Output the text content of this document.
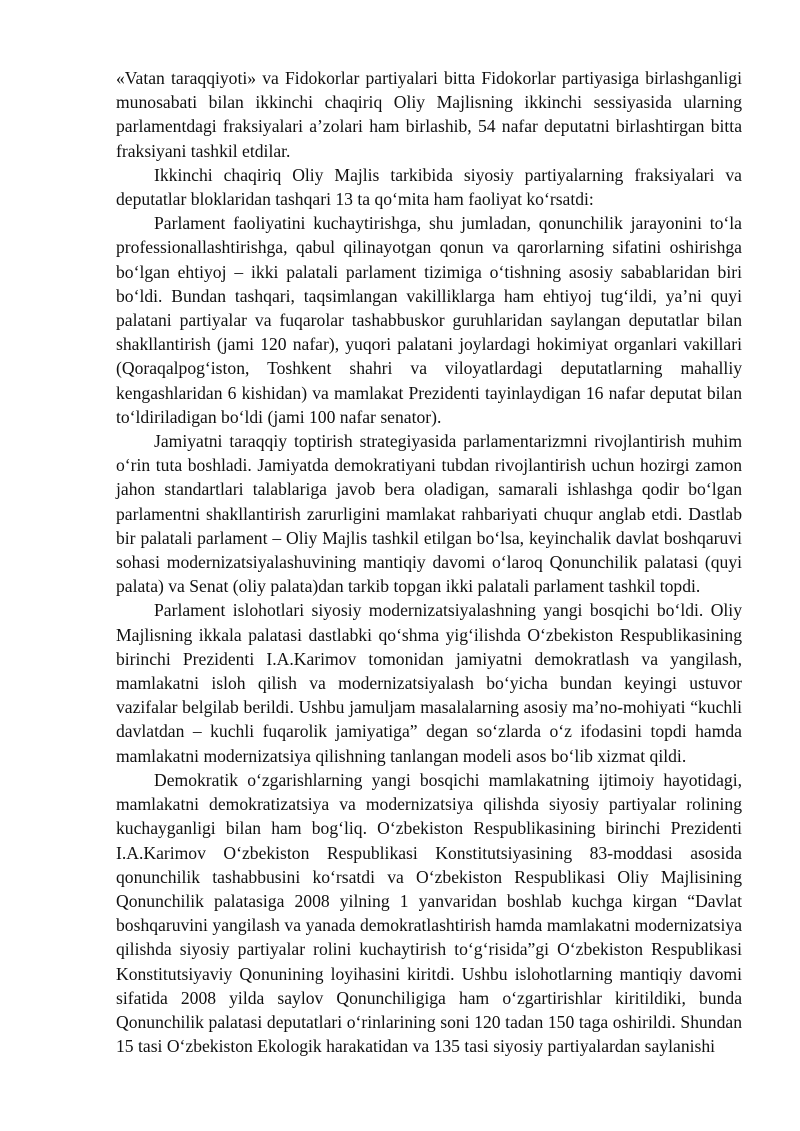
«Vatan taraqqiyoti» va Fidokorlar partiyalari bitta Fidokorlar partiyasiga birlashganligi munosabati bilan ikkinchi chaqiriq Oliy Majlisning ikkinchi sessiyasida ularning parlamentdagi fraksiyalari a’zolari ham birlashib, 54 nafar deputatni birlashtirgan bitta fraksiyani tashkil etdilar.

Ikkinchi chaqiriq Oliy Majlis tarkibida siyosiy partiyalarning fraksiyalari va deputatlar bloklaridan tashqari 13 ta qo‘mita ham faoliyat ko‘rsatdi:

Parlament faoliyatini kuchaytirishga, shu jumladan, qonunchilik jarayonini to‘la professionallashtirishga, qabul qilinayotgan qonun va qarorlarning sifatini oshirishga bo‘lgan ehtiyoj – ikki palatali parlament tizimiga o‘tishning asosiy sabablaridan biri bo‘ldi. Bundan tashqari, taqsimlangan vakilliklarga ham ehtiyoj tug‘ildi, ya’ni quyi palatani partiyalar va fuqarolar tashabbuskor guruhlaridan saylangan deputatlar bilan shakllantirish (jami 120 nafar), yuqori palatani joylardagi hokimiyat organlari vakillari (Qoraqalpog‘iston, Toshkent shahri va viloyatlardagi deputatlarning mahalliy kengashlaridan 6 kishidan) va mamlakat Prezidenti tayinlaydigan 16 nafar deputat bilan to‘ldiriladigan bo‘ldi (jami 100 nafar senator).

Jamiyatni taraqqiy toptirish strategiyasida parlamentarizmni rivojlantirish muhim o‘rin tuta boshladi. Jamiyatda demokratiyani tubdan rivojlantirish uchun hozirgi zamon jahon standartlari talablariga javob bera oladigan, samarali ishlashga qodir bo‘lgan parlamentni shakllantirish zarurligini mamlakat rahbariyati chuqur anglab etdi. Dastlab bir palatali parlament – Oliy Majlis tashkil etilgan bo‘lsa, keyinchalik davlat boshqaruvi sohasi modernizatsiyalashuvining mantiqiy davomi o‘laroq Qonunchilik palatasi (quyi palata) va Senat (oliy palata)dan tarkib topgan ikki palatali parlament tashkil topdi.

Parlament islohotlari siyosiy modernizatsiyalashning yangi bosqichi bo‘ldi. Oliy Majlisning ikkala palatasi dastlabki qo‘shma yig‘ilishda O‘zbekiston Respublikasining birinchi Prezidenti I.A.Karimov tomonidan jamiyatni demokratlash va yangilash, mamlakatni isloh qilish va modernizatsiyalash bo‘yicha bundan keyingi ustuvor vazifalar belgilab berildi. Ushbu jamuljam masalalarning asosiy ma’no-mohiyati “kuchli davlatdan – kuchli fuqarolik jamiyatiga” degan so‘zlarda o‘z ifodasini topdi hamda mamlakatni modernizatsiya qilishning tanlangan modeli asos bo‘lib xizmat qildi.

Demokratik o‘zgarishlarning yangi bosqichi mamlakatning ijtimoiy hayotidagi, mamlakatni demokratizatsiya va modernizatsiya qilishda siyosiy partiyalar rolining kuchayganligi bilan ham bog‘liq. O‘zbekiston Respublikasining birinchi Prezidenti I.A.Karimov O‘zbekiston Respublikasi Konstitutsiyasining 83-moddasi asosida qonunchilik tashabbusini ko‘rsatdi va O‘zbekiston Respublikasi Oliy Majlisining Qonunchilik palatasiga 2008 yilning 1 yanvaridan boshlab kuchga kirgan “Davlat boshqaruvini yangilash va yanada demokratlashtirish hamda mamlakatni modernizatsiya qilishda siyosiy partiyalar rolini kuchaytirish to‘g‘risida”gi O‘zbekiston Respublikasi Konstitutsiyaviy Qonunining loyihasini kiritdi. Ushbu islohotlarning mantiqiy davomi sifatida 2008 yilda saylov Qonunchiligiga ham o‘zgartirishlar kiritildiki, bunda Qonunchilik palatasi deputatlari o‘rinlarining soni 120 tadan 150 taga oshirildi. Shundan 15 tasi O‘zbekiston Ekologik harakatidan va 135 tasi siyosiy partiyalardan saylanishi
